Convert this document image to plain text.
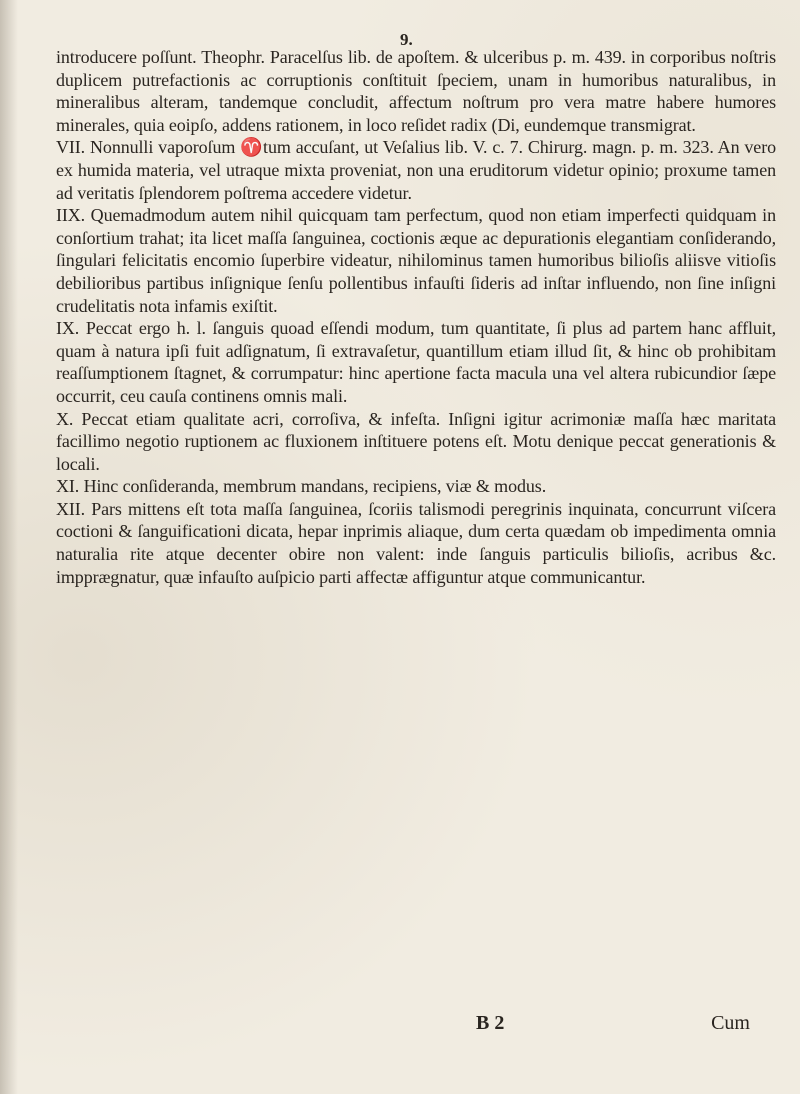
9.

introducere poſſunt. Theophr. Paracelſus lib. de apoſtem. & ulceribus p. m. 439. in corporibus noſtris duplicem putrefactionis ac corruptionis conſtituit ſpeciem, unam in humoribus naturalibus, in mineralibus alteram, tandemque concludit, affectum noſtrum pro vera matre habere humores minerales, quia eoipſo, addens rationem, in loco reſidet radix (Di, eundemque transmigrat.

VII. Nonnulli vaporoſum ♈tum accuſant, ut Veſalius lib. V. c. 7. Chirurg. magn. p. m. 323. An vero ex humida materia, vel utraque mixta proveniat, non una eruditorum videtur opinio; proxume tamen ad veritatis ſplendorem poſtrema accedere videtur.

IIX. Quemadmodum autem nihil quicquam tam perfectum, quod non etiam imperfecti quidquam in conſortium trahat; ita licet maſſa ſanguinea, coctionis æque ac depurationis elegantiam conſiderando, ſingulari felicitatis encomio ſuperbire videatur, nihilominus tamen humoribus bilioſis aliisve vitioſis debilioribus partibus inſignique ſenſu pollentibus infauſti ſideris ad inſtar influendo, non ſine inſigni crudelitatis nota infamis exiſtit.

IX. Peccat ergo h. l. ſanguis quoad eſſendi modum, tum quantitate, ſi plus ad partem hanc affluit, quam à natura ipſi fuit adſignatum, ſi extravaſetur, quantillum etiam illud ſit, & hinc ob prohibitam reaſſumptionem ſtagnet, & corrumpatur: hinc apertione facta macula una vel altera rubicundior ſæpe occurrit, ceu cauſa continens omnis mali.

X. Peccat etiam qualitate acri, corroſiva, & infeſta. Inſigni igitur acrimoniæ maſſa hæc maritata facillimo negotio ruptionem ac fluxionem inſtituere potens eſt. Motu denique peccat generationis & locali.

XI. Hinc conſideranda, membrum mandans, recipiens, viæ & modus.

XII. Pars mittens eſt tota maſſa ſanguinea, ſcoriis talismodi peregrinis inquinata, concurrunt viſcera coctioni & ſanguificationi dicata, hepar inprimis aliaque, dum certa quædam ob impedimenta omnia naturalia rite atque decenter obire non valent: inde ſanguis particulis bilioſis, acribus &c. impprægnatur, quæ infauſto auſpicio parti affectæ affiguntur atque communicantur.

B 2	Cum
